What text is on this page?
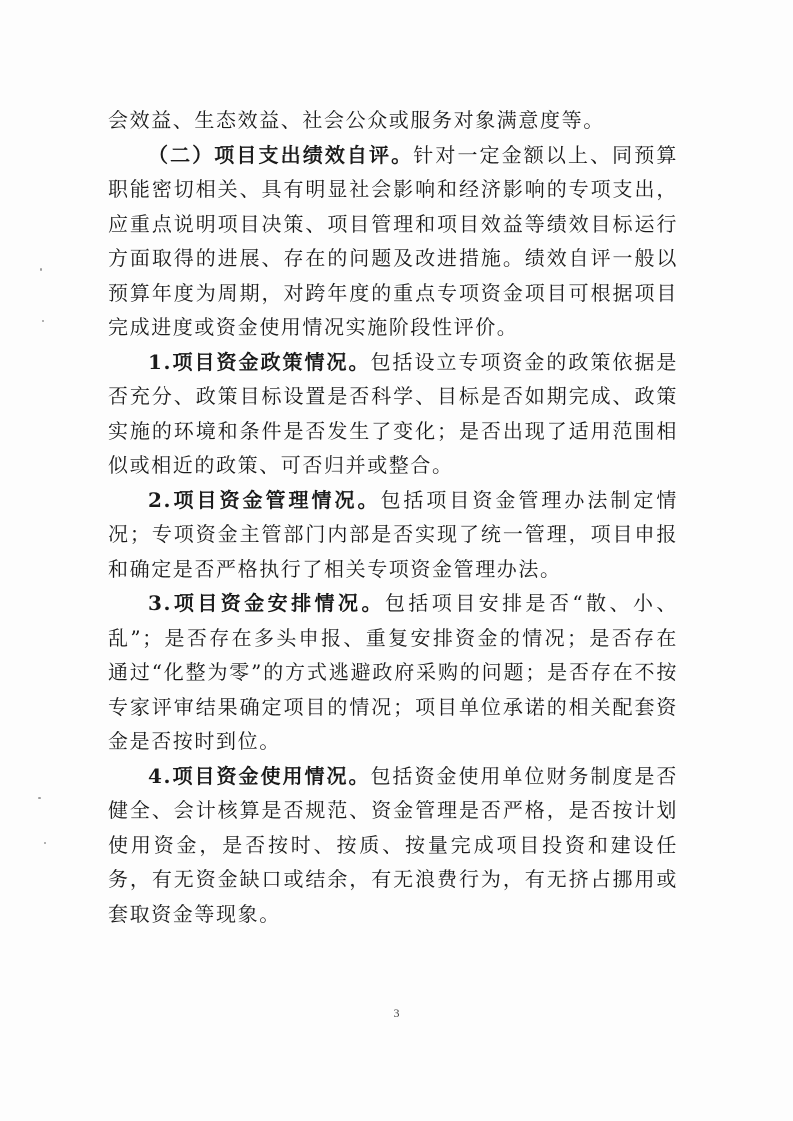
会效益、生态效益、社会公众或服务对象满意度等。

（二）项目支出绩效自评。针对一定金额以上、同预算职能密切相关、具有明显社会影响和经济影响的专项支出，应重点说明项目决策、项目管理和项目效益等绩效目标运行方面取得的进展、存在的问题及改进措施。绩效自评一般以预算年度为周期，对跨年度的重点专项资金项目可根据项目完成进度或资金使用情况实施阶段性评价。

1.项目资金政策情况。包括设立专项资金的政策依据是否充分、政策目标设置是否科学、目标是否如期完成、政策实施的环境和条件是否发生了变化；是否出现了适用范围相似或相近的政策、可否归并或整合。

2.项目资金管理情况。包括项目资金管理办法制定情况；专项资金主管部门内部是否实现了统一管理，项目申报和确定是否严格执行了相关专项资金管理办法。

3.项目资金安排情况。包括项目安排是否“散、小、乱”；是否存在多头申报、重复安排资金的情况；是否存在通过“化整为零”的方式逃避政府采购的问题；是否存在不按专家评审结果确定项目的情况；项目单位承诺的相关配套资金是否按时到位。

4.项目资金使用情况。包括资金使用单位财务制度是否健全、会计核算是否规范、资金管理是否严格，是否按计划使用资金，是否按时、按质、按量完成项目投资和建设任务，有无资金缺口或结余，有无浪费行为，有无挤占挪用或套取资金等现象。

3
